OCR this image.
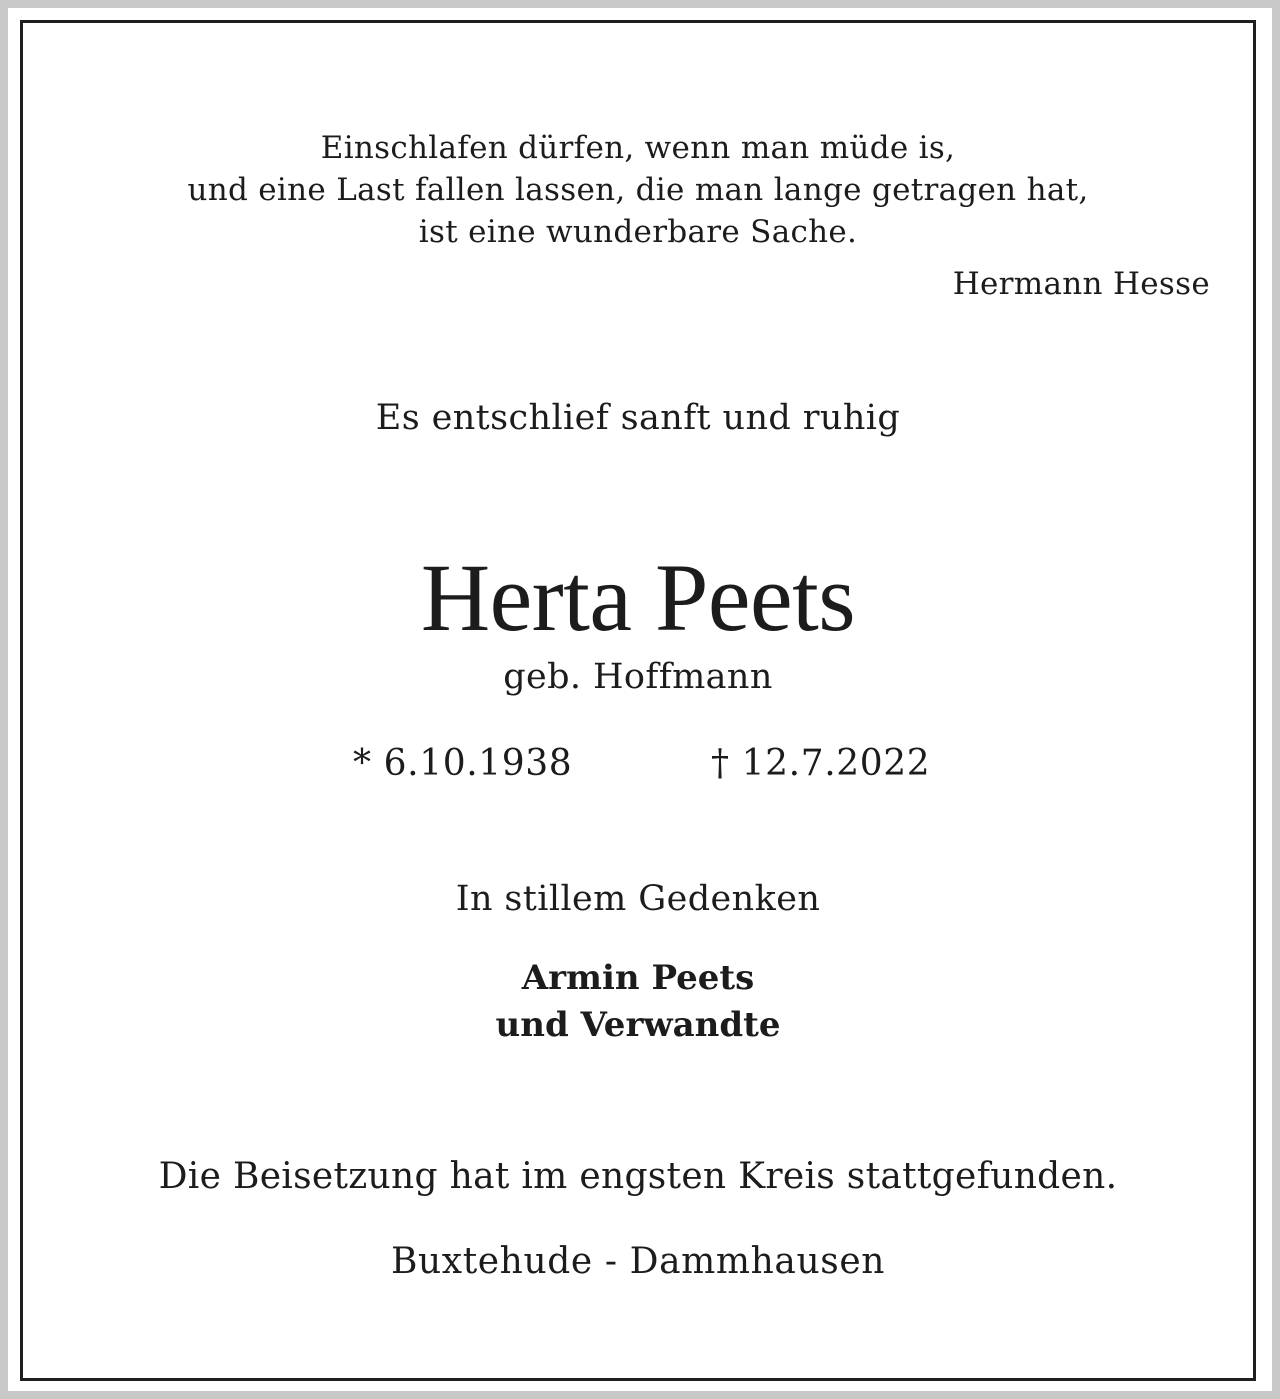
Einschlafen dürfen, wenn man müde is,
und eine Last fallen lassen, die man lange getragen hat,
ist eine wunderbare Sache.
Hermann Hesse
Es entschlief sanft und ruhig
Herta Peets
geb. Hoffmann
* 6.10.1938	† 12.7.2022
In stillem Gedenken
Armin Peets
und Verwandte
Die Beisetzung hat im engsten Kreis stattgefunden.
Buxtehude - Dammhausen
